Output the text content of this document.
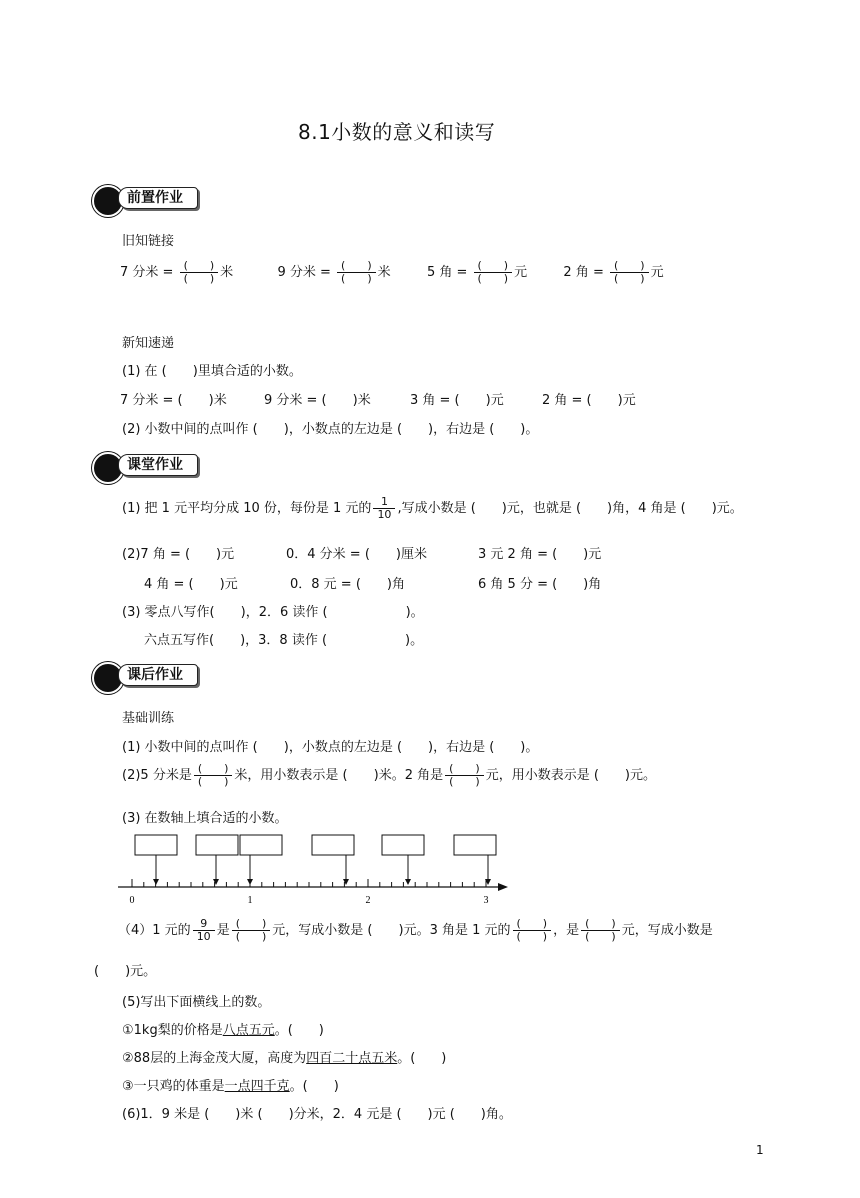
8.1小数的意义和读写
前置作业
旧知链接
7 分米 = $\frac{( )}{( )}$ 米	9 分米 = $\frac{( )}{( )}$ 米	5 角 = $\frac{( )}{( )}$ 元	2 角 = $\frac{( )}{( )}$ 元
新知速递
(1) 在 (　　)里填合适的小数。
7 分米 = (　　)米	9 分米 = (　　)米	3 角 = (　　)元	2 角 = (　　)元
(2) 小数中间的点叫作 (　　)，小数点的左边是 (　　)，右边是 (　　)。
课堂作业
(1) 把 1 元平均分成 10 份，每份是 1 元的 $\frac{1}{10}$ ,写成小数是 (　　)元，也就是 (　　)角，4 角是 (　　)元。
(2)7 角 = (　　)元	0．4 分米 = (　　)厘米	3 元 2 角 = (　　)元
4 角 = (　　)元	0．8 元 = (　　)角	6 角 5 分 = (　　)角
(3) 零点八写作(　　)，2．6 读作 (　　　　　　)。
六点五写作(　　)，3．8 读作 (　　　　　　)。
课后作业
基础训练
(1) 小数中间的点叫作 (　　)，小数点的左边是 (　　)，右边是 (　　)。
(2)5 分米是 $\frac{( )}{( )}$ 米，用小数表示是 (　　)米。2 角是 $\frac{( )}{( )}$ 元，用小数表示是 (　　)元。
(3) 在数轴上填合适的小数。
0	1	2	3
（4）1 元的 $\frac{9}{10}$ 是 $\frac{( )}{( )}$ 元，写成小数是 (　　)元。3 角是 1 元的 $\frac{( )}{( )}$ ，是 $\frac{( )}{( )}$ 元，写成小数是
(　　)元。
(5)写出下面横线上的数。
①1kg梨的价格是八点五元。(　　)
②88层的上海金茂大厦，高度为四百二十点五米。(　　)
③一只鸡的体重是一点四千克。(　　)
(6)1．9 米是 (　　)米 (　　)分米，2．4 元是 (　　)元 (　　)角。
1
